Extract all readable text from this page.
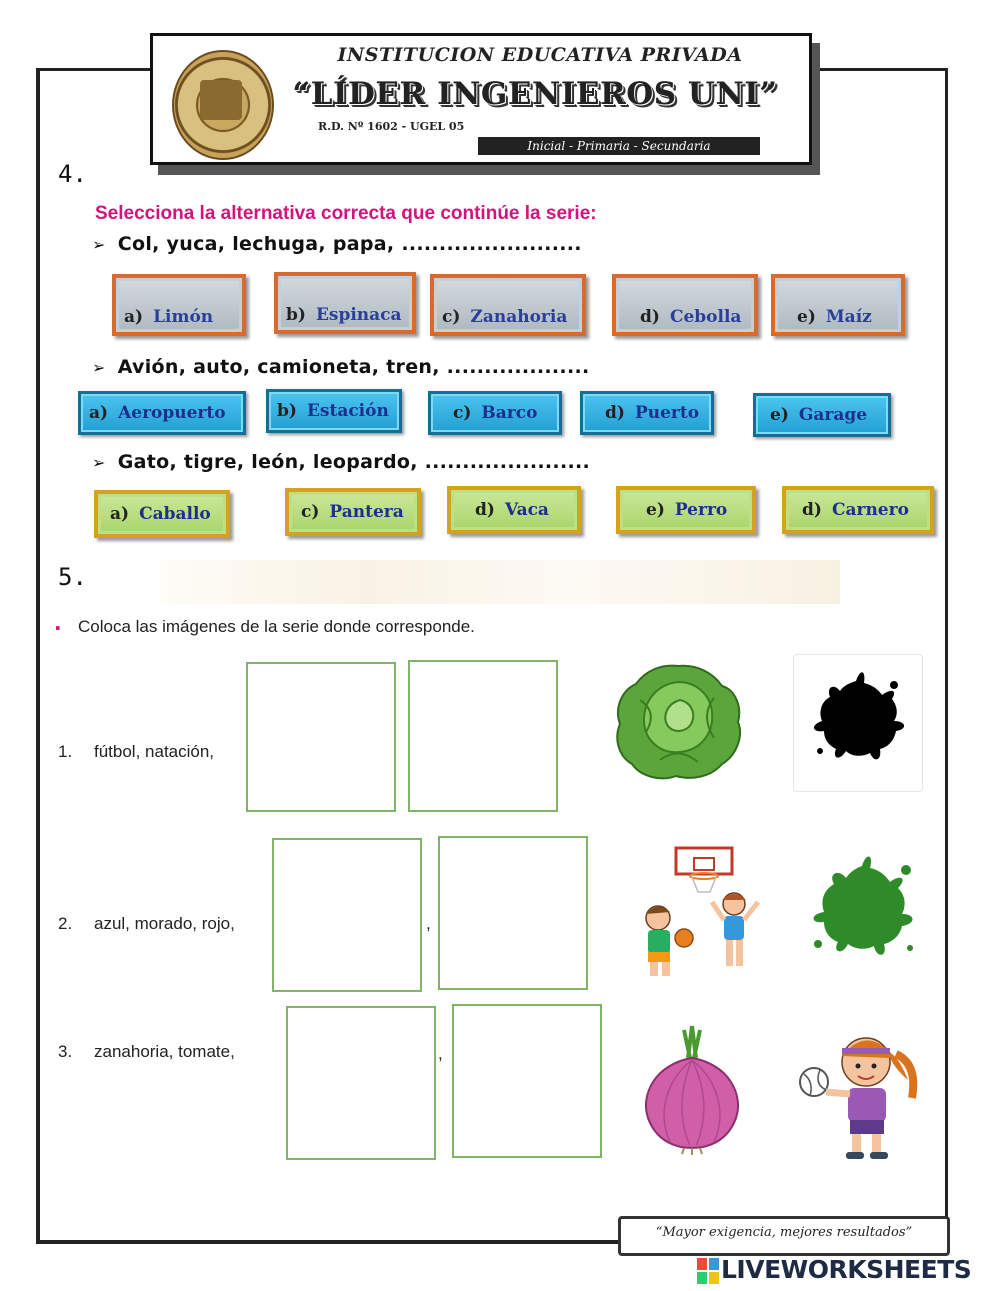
INSTITUCION EDUCATIVA PRIVADA
“LÍDER INGENIEROS UNI”
R.D. Nº 1602 - UGEL 05
Inicial - Primaria - Secundaria
4.
Selecciona la alternativa correcta que continúe la serie:
➢ Col, yuca, lechuga, papa, ........................
a) Limón	b) Espinaca c) Zanahoria	d) Cebolla	e) Maíz
➢ Avión, auto, camioneta, tren, ...................
a) Aeropuerto	b) Estación	c) Barco	d) Puerto	e) Garage
➢ Gato, tigre, león, leopardo, ......................
a) Caballo	c) Pantera	d) Vaca	e) Perro	d) Carnero
5.
. Coloca las imágenes de la serie donde corresponde.
1. fútbol, natación,
2. azul, morado, rojo,	,
3. zanahoria, tomate,	,
“Mayor exigencia, mejores resultados”
LIVEWORKSHEETS
